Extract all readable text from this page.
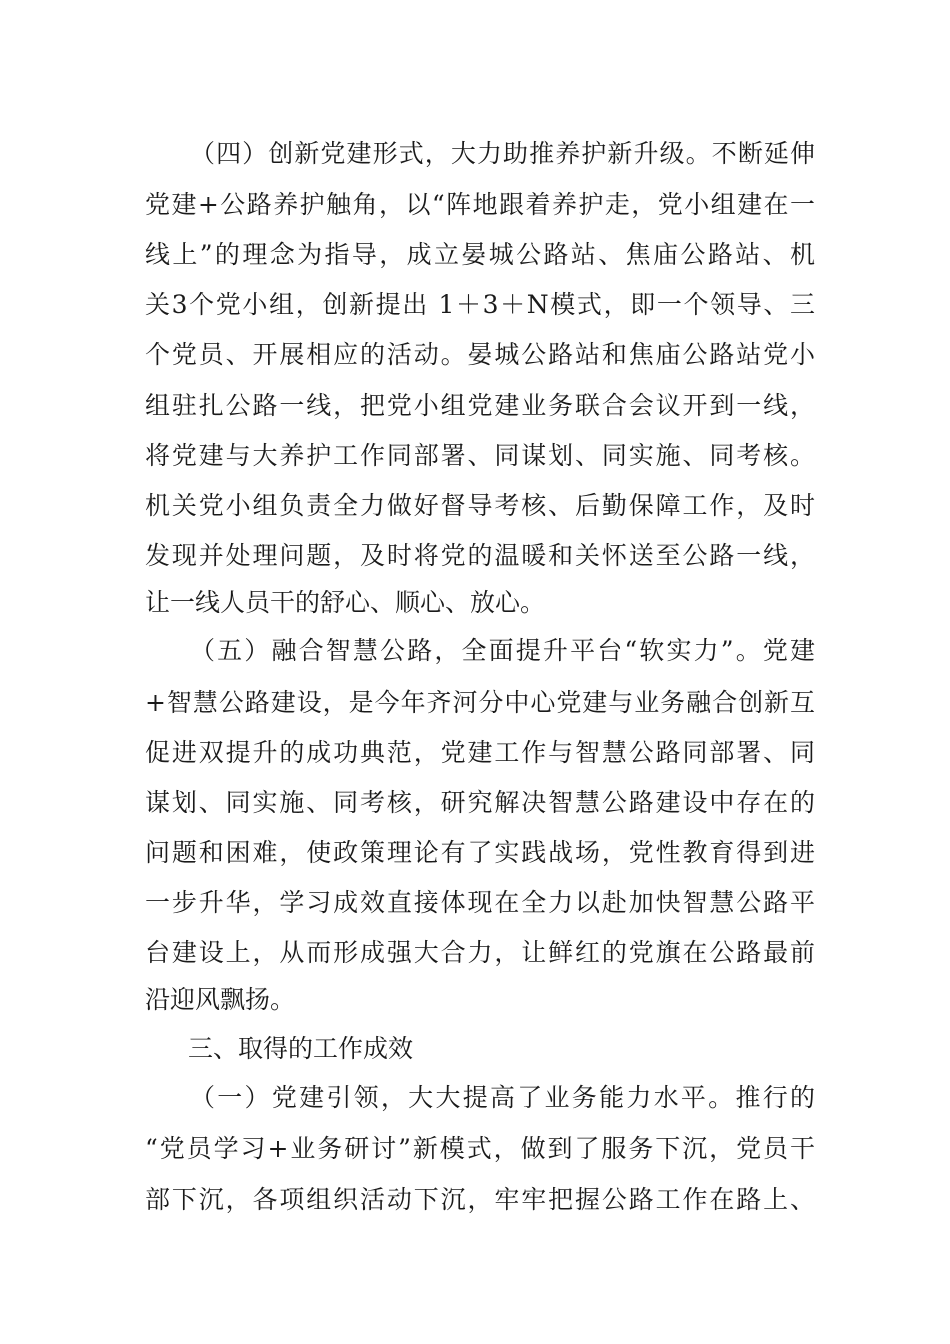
（四）创新党建形式，大力助推养护新升级。不断延伸
党建+公路养护触角，以“阵地跟着养护走，党小组建在一
线上”的理念为指导，成立晏城公路站、焦庙公路站、机
关3个党小组，创新提出 1＋3＋N模式，即一个领导、三
个党员、开展相应的活动。晏城公路站和焦庙公路站党小
组驻扎公路一线，把党小组党建业务联合会议开到一线，
将党建与大养护工作同部署、同谋划、同实施、同考核。
机关党小组负责全力做好督导考核、后勤保障工作，及时
发现并处理问题，及时将党的温暖和关怀送至公路一线，
让一线人员干的舒心、顺心、放心。
（五）融合智慧公路，全面提升平台“软实力”。党建
+智慧公路建设，是今年齐河分中心党建与业务融合创新互
促进双提升的成功典范，党建工作与智慧公路同部署、同
谋划、同实施、同考核，研究解决智慧公路建设中存在的
问题和困难，使政策理论有了实践战场，党性教育得到进
一步升华，学习成效直接体现在全力以赴加快智慧公路平
台建设上，从而形成强大合力，让鲜红的党旗在公路最前
沿迎风飘扬。
三、取得的工作成效
（一）党建引领，大大提高了业务能力水平。推行的
“党员学习+业务研讨”新模式，做到了服务下沉，党员干
部下沉，各项组织活动下沉，牢牢把握公路工作在路上、
